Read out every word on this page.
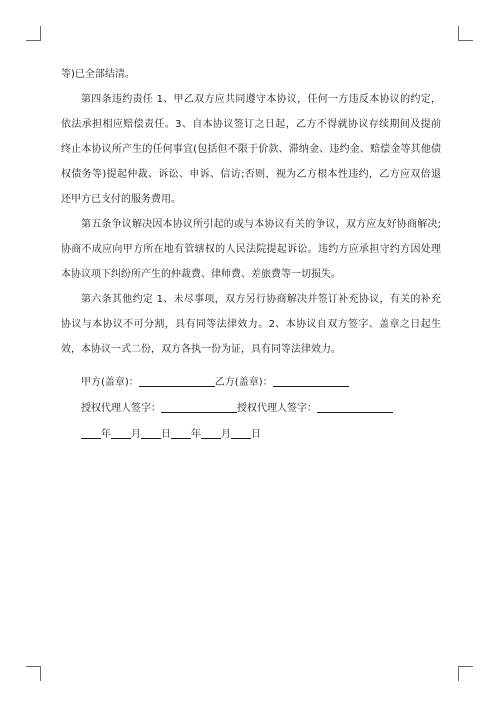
等)已全部结清。
第四条违约责任 1、甲乙双方应共同遵守本协议，任何一方违反本协议的约定，
依法承担相应赔偿责任。3、自本协议签订之日起，乙方不得就协议存续期间及提前
终止本协议所产生的任何事宜(包括但不限于价款、滞纳金、违约金、赔偿金等其他债
权债务等)提起仲裁、诉讼、申诉、信访;否则，视为乙方根本性违约，乙方应双倍退
还甲方已支付的服务费用。
第五条争议解决因本协议所引起的或与本协议有关的争议，双方应友好协商解决;
协商不成应向甲方所在地有管辖权的人民法院提起诉讼。违约方应承担守约方因处理
本协议项下纠纷所产生的仲裁费、律师费、差旅费等一切损失。
第六条其他约定 1、未尽事项，双方另行协商解决并签订补充协议，有关的补充
协议与本协议不可分割，具有同等法律效力。2、本协议自双方签字、盖章之日起生
效，本协议一式二份，双方各执一份为证，具有同等法律效力。
甲方(盖章)：	乙方(盖章)：
授权代理人签字：	授权代理人签字：
年 月 日 年 月 日
